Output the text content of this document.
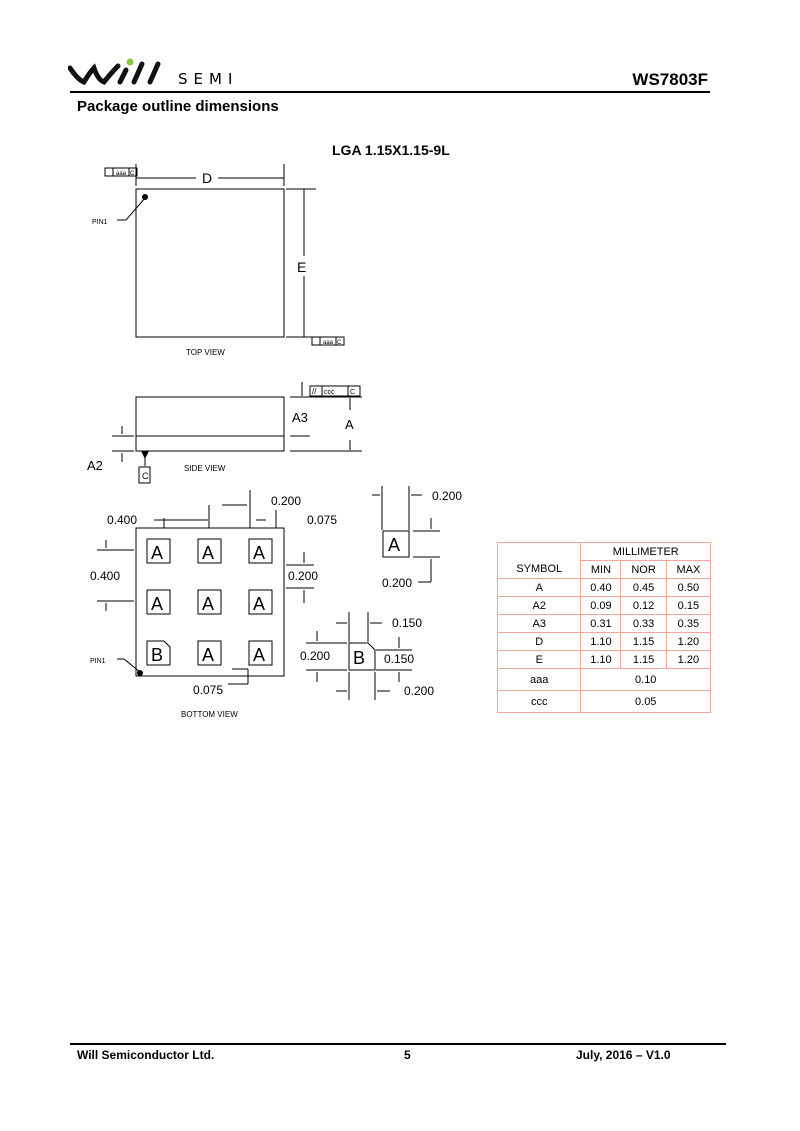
SEMI	WS7803F
Package outline dimensions
LGA 1.15X1.15-9L
TOP VIEW
D
E
PIN1
aaa C
aaa C
SIDE VIEW
A3	A
A2
C
// ccc C
BOTTOM VIEW
PIN1
0.400
0.200
0.075
0.400	0.200
0.075
A A A
A A A
B A A
A
0.200
0.200
B
0.150
0.200	0.150
0.200
	MILLIMETER		
SYMBOL	MIN	NOR	MAX
A	0.40	0.45	0.50
A2	0.09	0.12	0.15
A3	0.31	0.33	0.35
D	1.10	1.15	1.20
E	1.10	1.15	1.20
aaa	0.10		
ccc	0.05		
Will Semiconductor Ltd.	5	July, 2016 – V1.0
